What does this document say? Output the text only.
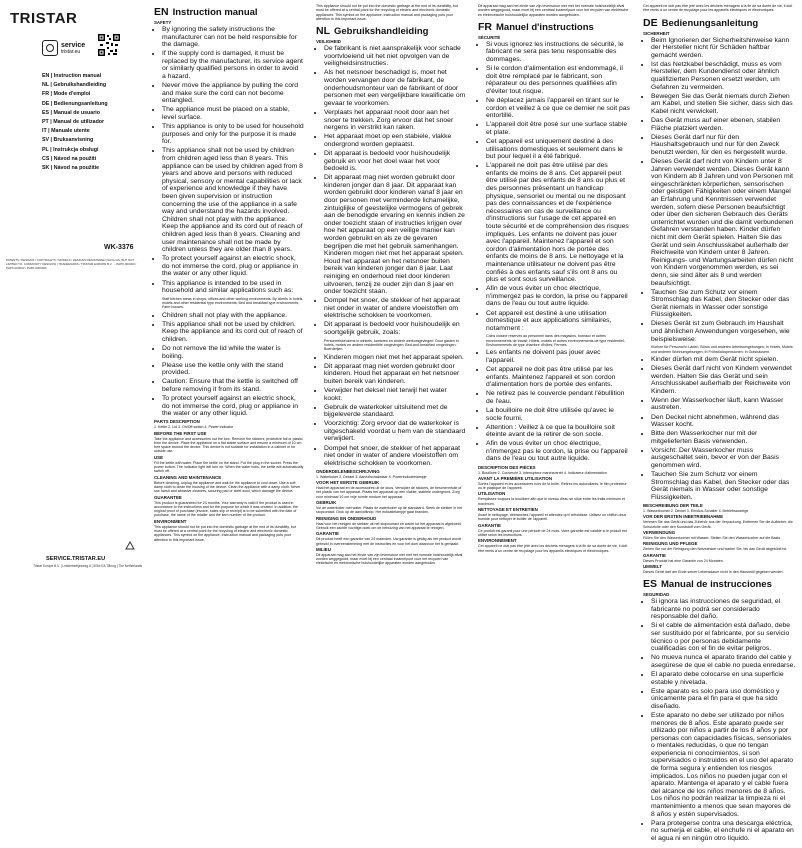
TRISTAR
service
tristar.eu
EN | Instruction manual
NL | Gebruikshandleiding
FR | Mode d'emploi
DE | Bedienungsanleitung
ES | Manual de usuario
PT | Manual de utilizador
IT | Manuale utente
SV | Bruksanvisning
PL | Instrukcja obsługi
CS | Návod na použití
SK | Návod na použitie
WK-3376
PATENTS / DESIGNS / COPYRIGHTS / MODELS / DESIGNS REGISTERED (SUCH AS, BUT NOT LIMITED TO, COMMUNITY DESIGNS) / TRADEMARKS / TRISTAR EUROPE B.V. ... PHPK.000000 / PHPK.000000 / PHPK.0000000
SERVICE.TRISTAR.EU
Tristar Europe B.V. | Lekkerbeetjesweg 6 | 5054 EA Tilburg | The Netherlands
EN Instruction manual
SAFETY
• By ignoring the safety instructions the manufacturer can not be held responsible for the damage.
• If the supply cord is damaged, it must be replaced by the manufacturer, its service agent or similarly qualified persons in order to avoid a hazard.
• Never move the appliance by pulling the cord and make sure the cord can not become entangled.
• The appliance must be placed on a stable, level surface.
• This appliance is only to be used for household purposes and only for the purpose it is made for.
• This appliance shall not be used by children from children aged less than 8 years. This appliance can be used by children aged from 8 years and above and persons with reduced physical, sensory or mental capabilities or lack of experience and knowledge if they have been given supervision or instruction concerning the use of the appliance in a safe way and understand the hazards involved. Children shall not play with the appliance. Keep the appliance and its cord out of reach of children aged less than 8 years. Cleaning and user maintenance shall not be made by children unless they are older than 8 years.
• To protect yourself against an electric shock, do not immerse the cord, plug or appliance in the water or any other liquid.
• This appliance is intended to be used in household and similar applications such as:
Staff kitchen areas in shops, offices and other working environments; By clients in hotels, motels and other residential type environments; Bed and breakfast type environments; Farm houses.
• Children shall not play with the appliance.
• This appliance shall not be used by children. Keep the appliance and its cord out of reach of children.
• Do not remove the lid while the water is boiling.
• Please use the kettle only with the stand provided.
• Caution: Ensure that the kettle is switched off before removing it from its stand.
• To protect yourself against an electric shock, do not immerse the cord, plug or appliance in the water or any other liquid.
PARTS DESCRIPTION
1. Kettle 2. Lid 3. On/Off switch 4. Power indicator
BEFORE THE FIRST USE
Take the appliance and accessories out the box. Remove the stickers, protective foil or plastic from the device. Place the appliance on a flat stable surface and ensure a minimum of 10 cm. free space around the device. This device is not suitable for installation in a cabinet or for outside use.
USE
Fill the kettle with water. Place the kettle on the stand. Put the plug in the socket. Press the power button. The indicator light will turn on. When the water boils, the kettle will automatically switch off.
CLEANING AND MAINTENANCE
Before cleaning, unplug the appliance and wait for the appliance to cool down. Use a soft damp cloth to clean the housing of the device. Clean the appliance with a damp cloth. Never use harsh and abrasive cleaners, scouring pad or steel wool, which damage the device.
GUARANTEE
This product is guaranteed for 24 months. Your warranty is valid if the product is used in accordance to the instructions and for the purpose for which it was created. In addition, the original proof of purchase (invoice, sales slip or receipt) is to be submitted with the date of purchase, the name of the retailer and the item number of the product.
ENVIRONMENT
This appliance should not be put into the domestic garbage at the end of its durability, but must be offered at a central point for the recycling of electric and electronic domestic appliances. This symbol on the appliance, instruction manual and packaging puts your attention to this important issue.
This appliance should not be put into the domestic garbage at the end of its durability, but must be offered at a central point for the recycling of electric and electronic domestic appliances. This symbol on the appliance, instruction manual and packaging puts your attention to this important issue.
NL Gebruikshandleiding
VEILIGHEID
• De fabrikant is niet aansprakelijk voor schade voortvloeiend uit het niet opvolgen van de veiligheidsinstructies.
• Als het netsnoer beschadigd is, moet het worden vervangen door de fabrikant, de onderhoudsmonteur van de fabrikant of door personen met een vergelijkbare kwalificatie om gevaar te voorkomen.
• Verplaats het apparaat nooit door aan het snoer te trekken. Zorg ervoor dat het snoer nergens in verstrikt kan raken.
• Het apparaat moet op een stabiele, vlakke ondergrond worden geplaatst.
• Dit apparaat is bedoeld voor huishoudelijk gebruik en voor het doel waar het voor bedoeld is.
• Dit apparaat mag niet worden gebruikt door kinderen jonger dan 8 jaar. Dit apparaat kan worden gebruikt door kinderen vanaf 8 jaar en door personen met verminderde lichamelijke, zintuiglijke of geestelijke vermogens of gebrek aan de benodigde ervaring en kennis indien ze onder toezicht staan of instructies krijgen over hoe het apparaat op een veilige manier kan worden gebruikt en als ze de gevaren begrijpen die met het gebruik samenhangen. Kinderen mogen niet met het apparaat spelen. Houd het apparaat en het netsnoer buiten bereik van kinderen jonger dan 8 jaar. Laat reiniging en onderhoud niet door kinderen uitvoeren, tenzij ze ouder zijn dan 8 jaar en onder toezicht staan.
• Dompel het snoer, de stekker of het apparaat niet onder in water of andere vloeistoffen om elektrische schokken te voorkomen.
• Dit apparaat is bedoeld voor huishoudelijk en soortgelijk gebruik, zoals:
Personeelskeukens in winkels, kantoren en andere werkomgevingen; Door gasten in hotels, motels en andere residentiële omgevingen; Bed-and-breakfast omgevingen; Boerderijen.
• Kinderen mogen niet met het apparaat spelen.
• Dit apparaat mag niet worden gebruikt door kinderen. Houd het apparaat en het netsnoer buiten bereik van kinderen.
• Verwijder het deksel niet terwijl het water kookt.
• Gebruik de waterkoker uitsluitend met de bijgeleverde standaard.
• Voorzichtig: Zorg ervoor dat de waterkoker is uitgeschakeld voordat u hem van de standaard verwijdert.
• Dompel het snoer, de stekker of het apparaat niet onder in water of andere vloeistoffen om elektrische schokken te voorkomen.
ONDERDELENBESCHRIJVING
1. Waterkoker 2. Deksel 3. Aan/uitschakelaar 4. Powerindicatielampje
VOOR HET EERSTE GEBRUIK
Haal het apparaat en de accessoires uit de doos. Verwijder de stickers, de beschermfolie of het plastic van het apparaat. Plaats het apparaat op een vlakke, stabiele ondergrond. Zorg voor minimaal 10 cm vrije ruimte rondom het apparaat.
GEBRUIK
Vul de waterkoker met water. Plaats de waterkoker op de standaard. Steek de stekker in het stopcontact. Druk op de aan/uitknop. Het indicatielampje gaat branden.
REINIGING EN ONDERHOUD
Haal voor het reinigen de stekker uit het stopcontact en wacht tot het apparaat is afgekoeld. Gebruik een zachte vochtige doek om de behuizing van het apparaat te reinigen.
GARANTIE
Dit product heeft een garantie van 24 maanden. Uw garantie is geldig als het product wordt gebruikt in overeenstemming met de instructies en voor het doel waarvoor het is gemaakt.
MILIEU
Dit apparaat mag aan het einde van zijn levensduur niet met het normale huishoudelijk afval worden weggegooid, maar moet bij een centraal inzamelpunt voor het recyclen van elektrische en elektronische huishoudelijke apparaten worden aangeboden.
Dit apparaat mag aan het einde van zijn levensduur niet met het normale huishoudelijk afval worden weggegooid, maar moet bij een centraal inzamelpunt voor het recyclen van elektrische en elektronische huishoudelijke apparaten worden aangeboden.
FR Manuel d'instructions
SÉCURITÉ
• Si vous ignorez les instructions de sécurité, le fabricant ne sera pas tenu responsable des dommages.
• Si le cordon d'alimentation est endommagé, il doit être remplacé par le fabricant, son réparateur ou des personnes qualifiées afin d'éviter tout risque.
• Ne déplacez jamais l'appareil en tirant sur le cordon et veillez à ce que ce dernier ne soit pas entortillé.
• L'appareil doit être posé sur une surface stable et plate.
• Cet appareil est uniquement destiné à des utilisations domestiques et seulement dans le but pour lequel il a été fabriqué.
• L'appareil ne doit pas être utilisé par des enfants de moins de 8 ans. Cet appareil peut être utilisé par des enfants de 8 ans ou plus et des personnes présentant un handicap physique, sensoriel ou mental ou ne disposant pas des connaissances et de l'expérience nécessaires en cas de surveillance ou d'instructions sur l'usage de cet appareil en toute sécurité et de compréhension des risques impliqués. Les enfants ne doivent pas jouer avec l'appareil. Maintenez l'appareil et son cordon d'alimentation hors de portée des enfants de moins de 8 ans. Le nettoyage et la maintenance utilisateur ne doivent pas être confiés à des enfants sauf s'ils ont 8 ans ou plus et sont sous surveillance.
• Afin de vous éviter un choc électrique, n'immergez pas le cordon, la prise ou l'appareil dans de l'eau ou tout autre liquide.
• Cet appareil est destiné à une utilisation domestique et aux applications similaires, notamment :
Coins cuisine réservés au personnel dans des magasins, bureaux et autres environnements de travail; Hôtels, motels et autres environnements de type résidentiel; Environnements de type chambre d'hôtes; Fermes.
• Les enfants ne doivent pas jouer avec l'appareil.
• Cet appareil ne doit pas être utilisé par les enfants. Maintenez l'appareil et son cordon d'alimentation hors de portée des enfants.
• Ne retirez pas le couvercle pendant l'ébullition de l'eau.
• La bouilloire ne doit être utilisée qu'avec le socle fourni.
• Attention : Veillez à ce que la bouilloire soit éteinte avant de la retirer de son socle.
• Afin de vous éviter un choc électrique, n'immergez pas le cordon, la prise ou l'appareil dans de l'eau ou tout autre liquide.
DESCRIPTION DES PIÈCES
1. Bouilloire 2. Couvercle 3. Interrupteur marche/arrêt 4. Indicateur d'alimentation
AVANT LA PREMIÈRE UTILISATION
Sortez l'appareil et les accessoires hors de la boîte. Retirez les autocollants, le film protecteur ou le plastique de l'appareil.
UTILISATION
Remplissez toujours la bouilloire afin que le niveau d'eau se situe entre les traits minimum et maximum.
NETTOYAGE ET ENTRETIEN
Avant le nettoyage, débranchez l'appareil et attendez qu'il refroidisse. Utilisez un chiffon doux humide pour nettoyer le boîtier de l'appareil.
GARANTIE
Ce produit est garanti pour une période de 24 mois. Votre garantie est valable si le produit est utilisé selon les instructions.
ENVIRONNEMENT
Cet appareil ne doit pas être jeté avec les déchets ménagers à la fin de sa durée de vie, il doit être remis à un centre de recyclage pour les appareils électriques et électroniques.
Cet appareil ne doit pas être jeté avec les déchets ménagers à la fin de sa durée de vie, il doit être remis à un centre de recyclage pour les appareils électriques et électroniques.
DE Bedienungsanleitung
SICHERHEIT
• Beim Ignorieren der Sicherheitshinweise kann der Hersteller nicht für Schäden haftbar gemacht werden.
• Ist das Netzkabel beschädigt, muss es vom Hersteller, dem Kundendienst oder ähnlich qualifizierten Personen ersetzt werden, um Gefahren zu vermeiden.
• Bewegen Sie das Gerät niemals durch Ziehen am Kabel, und stellen Sie sicher, dass sich das Kabel nicht verwickelt.
• Das Gerät muss auf einer ebenen, stabilen Fläche platziert werden.
• Dieses Gerät darf nur für den Haushaltsgebrauch und nur für den Zweck benutzt werden, für den es hergestellt wurde.
• Dieses Gerät darf nicht von Kindern unter 8 Jahren verwendet werden. Dieses Gerät kann von Kindern ab 8 Jahren und von Personen mit eingeschränkten körperlichen, sensorischen oder geistigen Fähigkeiten oder einem Mangel an Erfahrung und Kenntnissen verwendet werden, sofern diese Personen beaufsichtigt oder über den sicheren Gebrauch des Geräts unterrichtet wurden und die damit verbundenen Gefahren verstanden haben. Kinder dürfen nicht mit dem Gerät spielen. Halten Sie das Gerät und sein Anschlusskabel außerhalb der Reichweite von Kindern unter 8 Jahren. Reinigungs- und Wartungsarbeiten dürfen nicht von Kindern vorgenommen werden, es sei denn, sie sind älter als 8 und werden beaufsichtigt.
• Tauchen Sie zum Schutz vor einem Stromschlag das Kabel, den Stecker oder das Gerät niemals in Wasser oder sonstige Flüssigkeiten.
• Dieses Gerät ist zum Gebrauch im Haushalt und ähnlichen Anwendungen vorgesehen, wie beispielsweise:
Küchen für Personal in Läden, Büros und anderen Arbeitsumgebungen; In Hotels, Motels und anderen Wohnumgebungen; In Frühstückspensionen; In Gutshäusern.
• Kinder dürfen mit dem Gerät nicht spielen.
• Dieses Gerät darf nicht von Kindern verwendet werden. Halten Sie das Gerät und sein Anschlusskabel außerhalb der Reichweite von Kindern.
• Wenn der Wasserkocher läuft, kann Wasser austreten.
• Den Deckel nicht abnehmen, während das Wasser kocht.
• Bitte den Wasserkocher nur mit der mitgelieferten Basis verwenden.
• Vorsicht: Der Wasserkocher muss ausgeschaltet sein, bevor er von der Basis genommen wird.
• Tauchen Sie zum Schutz vor einem Stromschlag das Kabel, den Stecker oder das Gerät niemals in Wasser oder sonstige Flüssigkeiten.
BESCHREIBUNG DER TEILE
1. Wasserkocher 2. Deckel 3. Ein/Aus-Schalter 4. Betriebsanzeige
VOR DER ERSTEN INBETRIEBNAHME
Nehmen Sie das Gerät und das Zubehör aus der Verpackung. Entfernen Sie die Aufkleber, die Schutzfolie oder den Kunststoff vom Gerät.
VERWENDUNG
Füllen Sie den Wasserkocher mit Wasser. Stellen Sie den Wasserkocher auf die Basis.
REINIGUNG UND PFLEGE
Ziehen Sie vor der Reinigung den Netzstecker und warten Sie, bis das Gerät abgekühlt ist.
GARANTIE
Dieses Produkt hat eine Garantie von 24 Monaten.
UMWELT
Dieses Gerät darf am Ende seiner Lebensdauer nicht in den Hausmüll gegeben werden.
ES Manual de instrucciones
SEGURIDAD
• Si ignora las instrucciones de seguridad, el fabricante no podrá ser considerado responsable del daño.
• Si el cable de alimentación está dañado, debe ser sustituido por el fabricante, por su servicio técnico o por personas debidamente cualificadas con el fin de evitar peligros.
• No mueva nunca el aparato tirando del cable y asegúrese de que el cable no pueda enredarse.
• El aparato debe colocarse en una superficie estable y nivelada.
• Este aparato es solo para uso doméstico y únicamente para el fin para el que ha sido diseñado.
• Este aparato no debe ser utilizado por niños menores de 8 años. Este aparato puede ser utilizado por niños a partir de los 8 años y por personas con capacidades físicas, sensoriales o mentales reducidas, o que no tengan experiencia ni conocimientos, si son supervisados o instruidos en el uso del aparato de forma segura y entienden los riesgos implicados. Los niños no pueden jugar con el aparato. Mantenga el aparato y el cable fuera del alcance de los niños menores de 8 años. Los niños no podrán realizar la limpieza ni el mantenimiento a menos que sean mayores de 8 años y estén supervisados.
• Para protegerse contra una descarga eléctrica, no sumerja el cable, el enchufe ni el aparato en el agua ni en ningún otro líquido.
